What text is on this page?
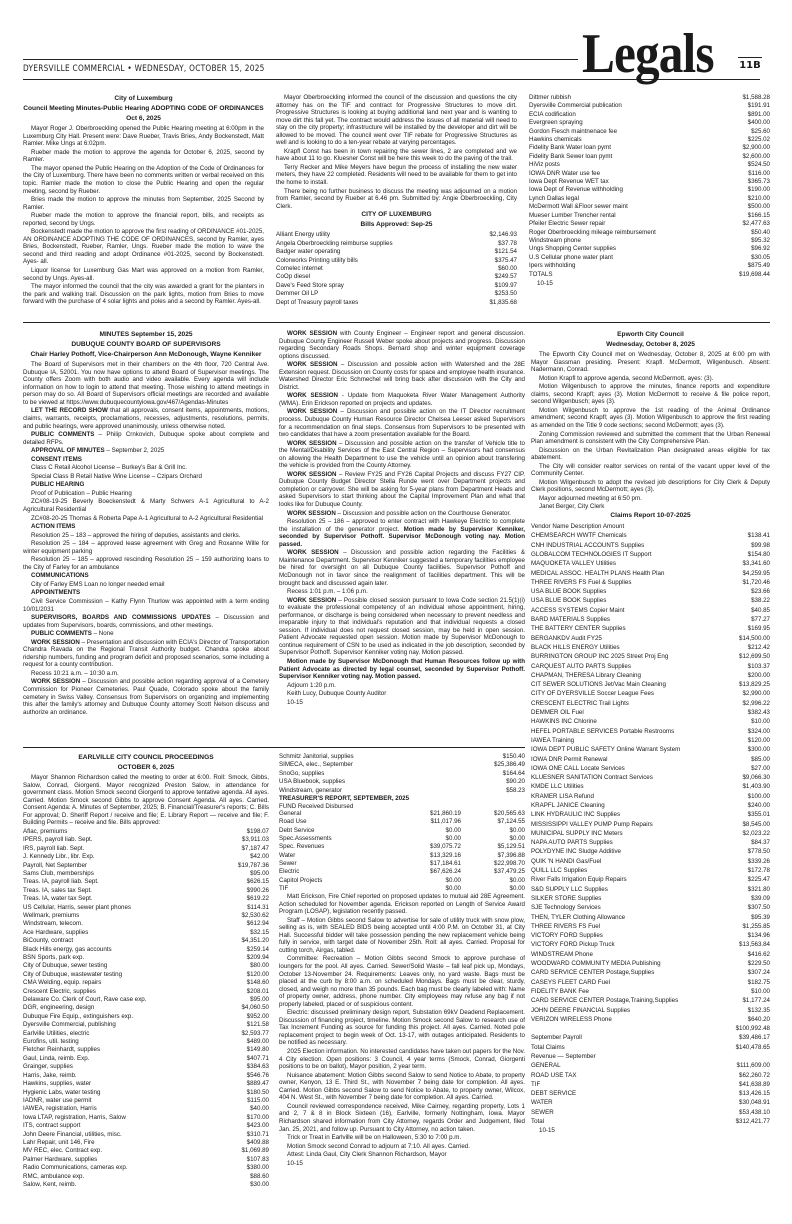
DYERSVILLE COMMERCIAL • WEDNESDAY, OCTOBER 15, 2025	Legals	11B
City of Luxemburg
Council Meeting Minutes-Public Hearing ADOPTING CODE OF ORDINANCES
Oct 6, 2025
Mayor Roger J. Oberbroeckling opened the Public Hearing meeting at 6:00pm in the Luxemburg City Hall. Present were: Dave Rueber, Travis Bries, Andy Bockenstedt, Matt Ramler. Mike Ungs at 6:02pm.
Rueber made the motion to approve the agenda for October 6, 2025, second by Ramler.
The mayor opened the Public Hearing on the Adoption of the Code of Ordinances for the City of Luxemburg. There have been no comments written or verbal received on this topic. Ramler made the motion to close the Public Hearing and open the regular meeting, second by Rueber.
Bries made the motion to approve the minutes from September, 2025 Second by Ramler.
Rueber made the motion to approve the financial report, bills, and receipts as reported, second by Ungs.
Bockenstedt made the motion to approve the first reading of ORDINANCE #01-2025, AN ORDINANCE ADOPTING THE CODE OF ORDINANCES, second by Ramler, ayes Bries, Bockenstedt, Rueber, Ramler, Ungs. Rueber made the motion to wave the second and third reading and adopt Ordinance #01-2025, second by Bockenstedt. Ayes- all.
Liquor license for Luxemburg Gas Mart was approved on a motion from Ramler, second by Ungs. Ayes-all.
The mayor informed the council that the city was awarded a grant for the planters in the park and walking trail. Discussion on the park lights, motion from Bries to move forward with the purchase of 4 solar lights and poles and a second by Ramler. Ayes-all.
Mayor Oberbroeckling informed the council of the discussion and questions the city attorney has on the TIF and contract for Progressive Structures to move dirt. Progressive Structures is looking at buying additional land next year and is wanting to move dirt this fall yet. The contract would address the issues of all material will need to stay on the city property; infrastructure will be installed by the developer and dirt will be allowed to be moved. The council went over TIF rebate for Progressive Structures as well and is looking to do a ten-year rebate at varying percentages.
Krapfl Const has been in town repairing the sewer lines, 2 are completed and we have about 11 to go. Kluesner Const will be here this week to do the paving of the trail.
Terry Recker and Mike Meyers have begun the process of installing the new water meters, they have 22 completed. Residents will need to be available for them to get into the home to install.
There being no further business to discuss the meeting was adjourned on a motion from Ramler, second by Rueber at 6.46 pm. Submitted by: Angie Oberbroeckling, City Clerk.
CITY OF LUXEMBURG
Bills Approved: Sep-25
Alliant Energy utility	$2,146.93
Angela Oberbroeckling reimburse supplies	$37.78
Badger water operating	$121.54
Colorworks Printing utility bills	$375.47
Comelec internet	$60.00
CoOp diesel	$249.57
Dave's Feed Store spray	$109.97
Demmer Oil LP	$253.50
Dept of Treasury payroll taxes	$1,835.68
Dittmer rubbish	$1,588.28
Dyersville Commercial publication	$191.91
ECIA codification	$891.00
Evergreen spraying	$400.00
Gordon Fiesch maintnenace fee	$25.60
Hawkins chemicals	$225.02
Fidelity Bank Water loan pymt	$2,900.00
Fidelity Bank Sewer loan pymt	$2,600.00
HiViz posts	$524.50
IOWA DNR Water use fee	$116.00
Iowa Dept Revenue WET tax	$365.73
Iowa Dept of Revenue withholding	$190.00
Lynch Dallas legal	$210.00
McDermott Wall &Floor sewer maint	$500.00
Mueser Lumber Trencher rental	$166.15
Pfeiler Electric Sewer repair	$2,477.63
Roger Oberbroeckling mileage reimbursement	$50.40
Windstream phone	$95.32
Ungs Shopping Center supplies	$96.92
U.S Cellular phone water plant	$30.05
Ipers withholding	$875.49
TOTALS	$19,698.44
10-15
MINUTES September 15, 2025
DUBUQUE COUNTY BOARD OF SUPERVISORS
Chair Harley Pothoff, Vice-Chairperson Ann McDonough, Wayne Kenniker
The Board of Supervisors met in their chambers on the 4th floor, 720 Central Ave. Dubuque IA, 52001. You now have options to attend Board of Supervisor meetings. The County offers Zoom with both audio and video available. Every agenda will include information on how to login to attend that meeting. Those wishing to attend meetings in person may do so. All Board of Supervisors official meetings are recorded and available to be viewed at https://www.dubuquecountyiowa.gov/467/Agendas-Minutes
LET THE RECORD SHOW that all approvals, consent items, appointments, motions, claims, warrants, receipts, proclamations, recesses, adjustments, resolutions, permits, and public hearings, were approved unanimously, unless otherwise noted.
PUBLIC COMMENTS – Philip Crnkovich, Dubuque spoke about complete and detailed RFPs.
APPROVAL OF MINUTES – September 2, 2025
CONSENT ITEMS
Class C Retail Alcohol License – Burkey's Bar & Grill Inc.
Special Class B Retail Native Wine License – Czipars Orchard
PUBLIC HEARING
Proof of Publication – Public Hearing
ZC#08-19-25 Beverly Boeckenstedt & Marty Schwers A-1 Agricultural to A-2 Agricultural Residential
ZC#08-20-25 Thomas & Roberta Pape A-1 Agricultural to A-2 Agricultural Residential
ACTION ITEMS
Resolution 25 – 183 – approved the hiring of deputies, assistants and clerks.
Resolution 25 – 184 – approved lease agreement with Greg and Roxanne Wille for winter equipment parking
Resolution 25 – 185 – approved rescinding Resolution 25 – 159 authorizing loans to the City of Farley for an ambulance
COMMUNICATIONS
City of Farley EMS Loan no longer needed email
APPOINTMENTS
Civil Service Commission – Kathy Flynn Thurlow was appointed with a term ending 10/01/2031
SUPERVISORS, BOARDS AND COMMISSIONS UPDATES – Discussion and updates from Supervisors, boards, commissions, and other meetings.
PUBLIC COMMENTS – None
WORK SESSION – Presentation and discussion with ECIA's Director of Transportation Chandra Ravada on the Regional Transit Authority budget. Chandra spoke about ridership numbers, funding and program deficit and proposed scenarios, some including a request for a county contribution.
Recess 10:21 a.m. – 10:30 a.m.
WORK SESSION – Discussion and possible action regarding approval of a Cemetery Commission for Pioneer Cemeteries. Paul Quade, Colorado spoke about the family cemetery in Swiss Valley. Consensus from Supervisors on organizing and implementing this after the family's attorney and Dubuque County attorney Scott Nelson discuss and authorize an ordinance.
WORK SESSION with County Engineer – Engineer report and general discussion. Dubuque County Engineer Russell Weber spoke about projects and progress. Discussion regarding Secondary Roads Shops. Bernard shop and winter equipment coverage options discussed.
WORK SESSION – Discussion and possible action with Watershed and the 28E Extension request. Discussion on County costs for space and employee health insurance. Watershed Director Eric Schmechel will bring back after discussion with the City and District.
WORK SESSION - Update from Maquoketa River Water Management Authority (WMA). Erin Erickson reported on projects and updates.
WORK SESSION – Discussion and possible action on the IT Director recruitment process. Dubuque County Human Resource Director Chelsea Leeser asked Supervisors for a recommendation on final steps. Consensus from Supervisors to be presented with two candidates that have a zoom presentation available for the Board.
WORK SESSION – Discussion and possible action on the transfer of Vehicle title to the Mental/Disability Services of the East Central Region – Supervisors had consensus on allowing the Health Department to use the vehicle until an opinion about transfering the vehicle is provided from the County Attorney.
WORK SESSION – Review FY25 and FY26 Capital Projects and discuss FY27 CIP. Dubuque County Budget Director Stella Runde went over Department projects and completion or carryover. She will be asking for 5-year plans from Department Heads and asked Supervisors to start thinking about the Capital Improvement Plan and what that looks like for Dubuque County.
WORK SESSION – Discussion and possible action on the Courthouse Generator.
Resolution 25 – 186 – approved to enter contract with Hawkeye Electric to complete the installation of the generator project. Motion made by Supervisor Kenniker, seconded by Supervisor Pothoff. Supervisor McDonough voting nay. Motion passed.
WORK SESSION – Discussion and possible action regarding the Facilities & Maintenance Department. Supervisor Kenniker suggested a temporary facilities employee be hired for oversight on all Dubuque County facilities. Supervisor Pothoff and McDonough not in favor since the realignment of facilities department. This will be brought back and discussed again later.
Recess 1:01 p.m. – 1:06 p.m.
WORK SESSION – Possible closed session pursuant to Iowa Code section 21.5(1)(i) to evaluate the professional competency of an individual whose appointment, hiring, performance, or discharge is being considered when necessary to prevent needless and irreparable injury to that individual's reputation and that individual requests a closed session. If individual does not request closed session, may be held in open session. Patient Advocate requested open session. Motion made by Supervisor McDonough to continue requirement of CSN to be used as indicated in the job description, seconded by Supervisor Pothoff. Supervisor Kenniker voting nay. Motion passed.
Motion made by Supervisor McDonough that Human Resources follow up with Patient Advocate as directed by legal counsel, seconded by Supervisor Pothoff. Supervisor Kenniker voting nay. Motion passed.
Adjourn 1:20 p.m.
Keith Lucy, Dubuque County Auditor
10-15
Epworth City Council
Wednesday, October 8, 2025
The Epworth City Council met on Wednesday, October 8, 2025 at 6:00 pm with Mayor Gassman presiding. Present: Krapfl. McDermott, Wilgenbusch. Absent: Nadermann, Conrad.
Motion Krapfl to approve agenda, second McDermott, ayes: (3).
Motion Wilgenbusch to approve the minutes, finance reports and expenditure claims, second Krapfl; ayes (3). Motion McDermott to receive & file police report, second Wilgenbusch; ayes (3).
Motion Wilgenbusch to approve the 1st reading of the Animal Ordinance amendment; second Krapfl; ayes (3). Motion Wilgenbusch to approve the first reading as amended on the Title 9 code sections; second McDermott; ayes (3).
Zoning Commission reviewed and submitted the comment that the Urban Renewal Plan amendment is consistent with the City Comprehensive Plan.
Discussion on the Urban Revitalization Plan designated areas eligible for tax abatement.
The City will consider realtor services on rental of the vacant upper level of the Community Center.
Motion Wilgenbusch to adopt the revised job descriptions for City Clerk & Deputy Clerk positions, second McDermott; ayes (3).
Mayor adjourned meeting at 6:50 pm.
Janet Berger, City Clerk
Claims Report 10-07-2025
Vendor Name Description Amount
CHEMSEARCH WWTF Chemicals	$138.41
CNH INDUSTRIAL ACCOUNTS Supplies	$99.98
GLOBALCOM TECHNOLOGIES IT Support	$154.80
MAQUOKETA VALLEY Utilities	$3,341.60
MEDICAL ASSOC. HEALTH PLANS Health Plan	$4,259.95
THREE RIVERS FS Fuel & Supplies	$1,720.46
USA BLUE BOOK Supplies	$23.66
USA BLUE BOOK Supplies	$38.22
ACCESS SYSTEMS Copier Maint	$40.85
BARD MATERIALS Supplies	$77.27
THE BATTERY CENTER Supplies	$169.95
BERGANKDV Audit FY25	$14,500.00
BLACK HILLS ENERGY Utilities	$212.42
BURRINGTON GROUP INC 2025 Street Proj Eng	$12,699.50
CARQUEST AUTO PARTS Supplies	$103.37
CHAPMAN, THERESA Library Cleaning	$200.00
CIT SEWER SOLUTIONS Jet/Vac Main Cleaning	$13,829.25
CITY OF DYERSVILLE Soccer League Fees	$2,990.00
CRESCENT ELECTRIC Trail Lights	$2,996.22
DEMMER OIL Fuel	$382.43
HAWKINS INC Chlorine	$10.00
HEFEL PORTABLE SERVICES Portable Restrooms	$324.00
IAWEA Training	$120.00
IOWA DEPT PUBLIC SAFETY Online Warrant System	$300.00
IOWA DNR Permit Renewal	$85.00
IOWA ONE CALL Locate Services	$27.00
KLUESNER SANITATION Contract Services	$9,066.30
KMDE LLC Utilities	$1,403.90
KRAMER LISA Refund	$100.00
KRAPFL JANICE Cleaning	$240.00
LINK HYDRAULIC INC Supplies	$355.01
MISSISSIPPI VALLEY PUMP Pump Repairs	$8,545.00
MUNICIPAL SUPPLY INC Meters	$2,023.22
NAPA AUTO PARTS Supplies	$84.37
POLYDYNE INC Sludge Additive	$778.50
QUIK 'N HANDI Gas/Fuel	$339.26
QUILL LLC Supplies	$172.78
River Falls Irrigation Equip Repairs	$225.47
S&D SUPPLY LLC Supplies	$321.80
SILKER STORE Supplies	$39.09
SJE Technology Services	$307.50
THEN, TYLER Clothing Allowance	$95.39
THREE RIVERS FS Fuel	$1,255.85
VICTORY FORD Supplies	$134.96
VICTORY FORD Pickup Truck	$13,563.84
WINDSTREAM Phone	$416.62
WOODWARD COMMUNITY MEDIA Publishing	$229.50
CARD SERVICE CENTER Postage,Supplies	$307.24
CASEYS FLEET CARD Fuel	$182.75
FIDELITY BANK Fee	$10.00
CARD SERVICE CENTER Postage,Training,Supplies	$1,177.24
JOHN DEERE FINANCIAL Supplies	$132.35
VERIZON WIRELESS Phone	$640.20
$100,992.48
September Payroll	$39,486.17
Total Claims	$140,478.65
Revenue — September
GENERAL	$111,609.00
ROAD USE TAX	$62,260.72
TIF	$41,638.89
DEBT SERVICE	$13,426.15
WATER	$30,048.91
SEWER	$53,438.10
Total	$312,421.77
10-15
EARLVILLE CITY COUNCIL PROCEEDINGS
OCTOBER 6, 2025
Mayor Shannon Richardson called the meeting to order at 6:00. Roll: Smock, Gibbs, Salow, Conrad, Giorgenti. Mayor recognized Preston Salow, in attendance for government class. Motion Smock second Giorgenti to approve tentative agenda. All ayes. Carried. Motion Smock second Gibbs to approve Consent Agenda. All ayes. Carried. Consent Agenda: A. Minutes of September, 2025; B. Financial/Treasurer's reports; C. Bills For approval; D. Sheriff Report / receive and file; E. Library Report — receive and file; F. Building Permits – receive and file. Bills approved:
Aflac, premiums	$198.07
IPERS, payroll liab. Sept.	$3,911.03
IRS, payroll liab. Sept.	$7,187.47
J. Kennedy Libr., libr. Exp.	$42.00
Payroll, Net September	$19,787.36
Sams Club, memberships	$95.00
Treas. IA, payroll liab. Sept.	$626.15
Treas. IA, sales tax Sept.	$990.26
Treas. IA, water tax Sept.	$619.22
US Cellular, Harris, sewer plant phones	$114.31
Wellmark, premiums	$2,530.62
Windstream, telecom.	$612.94
Ace Hardware, supplies	$32.15
BiCounty, contract	$4,351.20
Black Hills energy, gas accounts	$259.14
BSN Sports, park exp.	$209.94
City of Dubuque, sewer testing	$80.00
City of Dubuque, wastewater testing	$120.00
CMA Welding, equip. repairs	$148.60
Crescent Electric, supplies	$208.01
Delaware Co. Clerk of Court, Rave case exp.	$95.00
DGR, engineering, design	$4,060.50
Dubuque Fire Equip., extinguishers exp.	$952.00
Dyersville Commercial, publishing	$121.58
Earlville Utilities, electric	$2,593.77
Eurofins, util. testing	$489.00
Fletcher Reinhardt, supplies	$149.80
Gaul, Linda, reimb. Exp.	$407.71
Grainger, supplies	$384.63
Harris, Jake, reimb.	$546.76
Hawkins, supplies, water	$889.47
Hygienic Labs, water testing	$180.50
IADNR, water use permit	$115.00
IAWEA, registration, Harris	$40.00
Iowa LTAP, registration, Harris, Salow	$170.00
ITS, contract support	$423.00
John Deere Financial, utilities, misc.	$310.71
Lahr Repair, unit 146, Fire	$409.88
MV REC, elec. Contract exp.	$1,069.89
Palmer Hardware, supplies	$107.83
Radio Communications, cameras exp.	$380.00
RMC, ambulance exp.	$88.60
Salow, Kent, reimb.	$30.00
Schmitz Janitorial, supplies	$150.40
SIMECA, elec., September	$25,386.49
SnoGo, supplies	$164.64
USA Bluebook, supplies	$90.20
Windstream, generator	$58.23
TREASURER'S REPORT, SEPTEMBER, 2025
FUND Received Disbursed
General	$21,860.19	$20,565.63
Road Use	$11,017.96	$7,124.55
Debt Service	$0.00	$0.00
Spec.Assessments	$0.00	$0.00
Spec. Revenues	$39,075.72	$5,129.51
Water	$13,329.16	$7,396.88
Sewer	$17,184.61	$22,998.70
Electric	$67,626.24	$37,479.25
Capitol Projects	$0.00	$0.00
TIF	$0.00	$0.00
Matt Erickson, Fire Chief reported on proposed updates to mutual aid 28E Agreement. Action scheduled for November agenda. Erickson reported on Length of Service Award Program (LOSAP), legislation recently passed.
Staff – Motion Gibbs second Salow to advertise for sale of utility truck with snow plow, selling as is, with SEALED BIDS being accepted until 4:00 P.M. on October 31, at City Hall. Successful bidder will take possession pending the new replacement vehicle being fully in service, with target date of November 25th. Roll: all ayes. Carried. Proposal for cutting torch, Airgas, tabled.
Committee: Recreation – Motion Gibbs second Smock to approve purchase of loungers for the pool. All ayes. Carried. Sewer/Solid Waste – fall leaf pick up, Mondays, October 13-November 24. Requirements: Leaves only, no yard waste. Bags must be placed at the curb by 8:00 a.m. on scheduled Mondays. Bags must be clear, sturdy, closed, and weigh no more than 35 pounds. Each bag must be clearly labeled with: Name of property owner, address, phone number. City employees may refuse any bag if not properly labeled, placed or of suspicious content.
Electric: discussed preliminary design report, Substation 69kV Deadend Replacement. Discussion of financing project, timeline. Motion Smock second Salow to research use of Tax Increment Funding as source for funding this project. All ayes. Carried. Noted pole replacement project to begin week of Oct. 13-17, with outages anticipated. Residents to be notified as necessary.
2025 Election information. No interested candidates have taken out papers for the Nov. 4 City election. Open positions: 3 Council, 4 year terms (Smock, Conrad, Giorgenti positions to be on ballot), Mayor position, 2 year term.
Nuisance abatement: Motion Gibbs second Salow to send Notice to Abate, to property owner, Kenyon, 13 E. Third St., with November 7 being date for completion. All ayes. Carried. Motion Gibbs second Salow to send Notice to Abate, to property owner, Wilcox, 404 N. West St., with November 7 being date for completion. All ayes. Carried.
Council reviewed correspondence received, Mike Cairney, regarding property, Lots 1 and 2, 7 & 8 in Block Sixteen (16), Earlville, formerly Nottingham, Iowa. Mayor Richardson shared information from City Attorney, regards Order and Judgement, filed Jan. 25, 2021, and follow up. Pursuant to City Attorney, no action taken.
Trick or Treat in Earlville will be on Halloween, 5:30 to 7:00 p.m.
Motion Smock second Conrad to adjourn at 7:10. All ayes. Carried.
Attest: Linda Gaul, City Clerk Shannon Richardson, Mayor
10-15
